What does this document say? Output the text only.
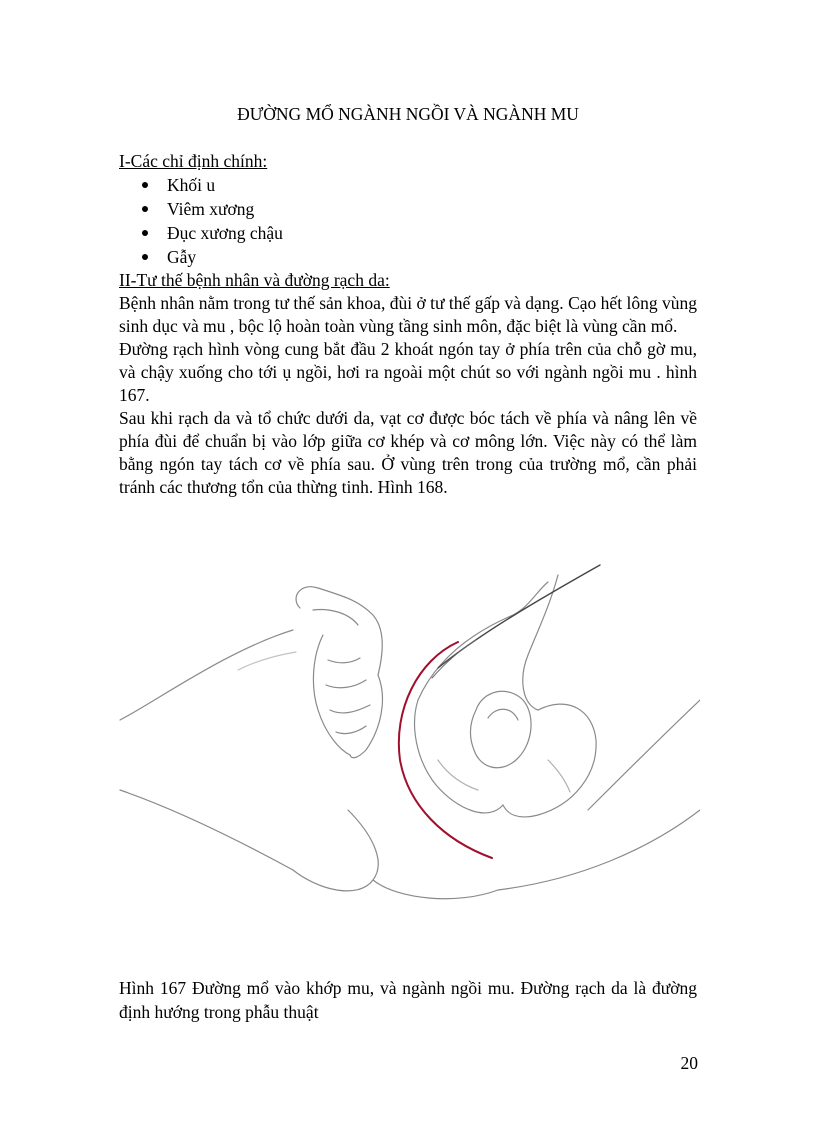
ĐƯỜNG MỔ NGÀNH NGỒI VÀ NGÀNH MU
I-Các chỉ định chính:
Khối u
Viêm xương
Đục xương chậu
Gẫy
II-Tư thế bệnh nhân và đường rạch da:

Bệnh nhân nằm trong tư thế sản khoa, đùi ở tư thế gấp và dạng. Cạo hết lông vùng sinh dục và mu , bộc lộ hoàn toàn vùng tầng sinh môn, đặc biệt là vùng cần mổ.

Đường rạch hình vòng cung bắt đầu 2 khoát ngón tay ở phía trên của chỗ gờ mu, và chậy xuống cho tới ụ ngồi, hơi ra ngoài một chút so với ngành ngồi mu . hình 167.

Sau khi rạch da và tổ chức dưới da, vạt cơ được bóc tách về phía và nâng lên về phía đùi để chuẩn bị vào lớp giữa cơ khép và cơ mông lớn. Việc này có thể làm bằng ngón tay tách cơ về phía sau. Ở vùng trên trong của trường mổ, cần phải tránh các thương tổn của thừng tinh. Hình 168.

Hình 167 Đường mổ vào khớp mu, và ngành ngồi mu. Đường rạch da là đường định hướng trong phẫu thuật
20
